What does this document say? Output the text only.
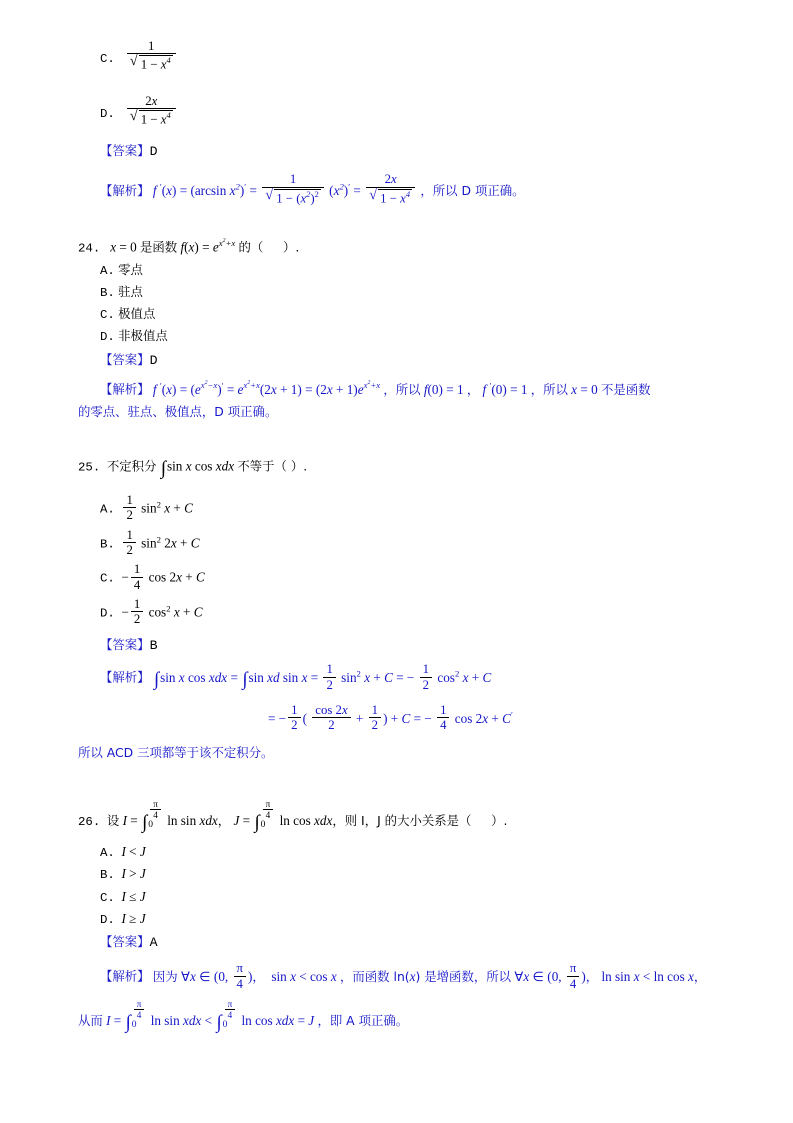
C. 1
√ $1 - x^4$
D. 2x
√ $1 - x^4$
【答案】D
【解析】 f ′(x) = (arcsin $x^2)' = 1$
√ $1 - (x^2)^2$ $(x^2)' = 2x$
√ $1 - x^4$ ，所以 D 项正确。
24. x = 0 是函数 $f(x) = e^{x^2+x}$ 的（     ）.
A. 零点
B. 驻点
C. 极值点
D. 非极值点
【答案】D
【解析】 f $'(x) = (e^{x^2-x})' = e^{x^2+x}(2x + 1) = (2x + 1)e^{x^2+x}$ ，所以 f(0) = 1 ， f ′(0) = 1 ，所以 x = 0 不是函数
的零点、驻点、极值点，D 项正确。
25. 不定积分 ∫sin x cos xdx 不等于（ ）.
A. $\frac{1}{2} \sin^2 x + C$
B. $\frac{1}{2} \sin^2 2x + C$
C.  − $\frac{1}{4}$ cos 2x + C
D.  − $\frac{1}{2} \cos^2 x + C$
【答案】B
【解析】 ∫sin x cos xdx = ∫sin xd $\sin x = \frac{1}{2} \sin^2 x + C$ = − $\frac{1}{2} \cos^2 x + C$
= − $\frac{1}{2}$ ( $\frac{\cos 2x}{2} + \frac{1}{2}$ ) + C = − $\frac{1}{4}$ cos 2x + C′
所以 ACD 三项都等于该不定积分。
26. 设 I = ∫
$\frac{\pi}{4}$
0	ln sin xdx， J = ∫
$\frac{\pi}{4}$
0	ln cos xdx，则 I，J 的大小关系是（     ）.
A. I < J
B. I > J
C. I ≤ J
D. I ≥ J
【答案】A
【解析】 因为 ∀x ∈ (0, $\frac{\pi}{4}$ )， sin x < cos x ，而函数 ln(x) 是增函数，所以 ∀x ∈ (0, $\frac{\pi}{4}$ )， ln sin x < ln cos x，
从而 I = ∫
$\frac{\pi}{4}$
0	ln sin xdx < ∫
$\frac{\pi}{4}$
0	ln cos xdx = J ，即 A 项正确。
